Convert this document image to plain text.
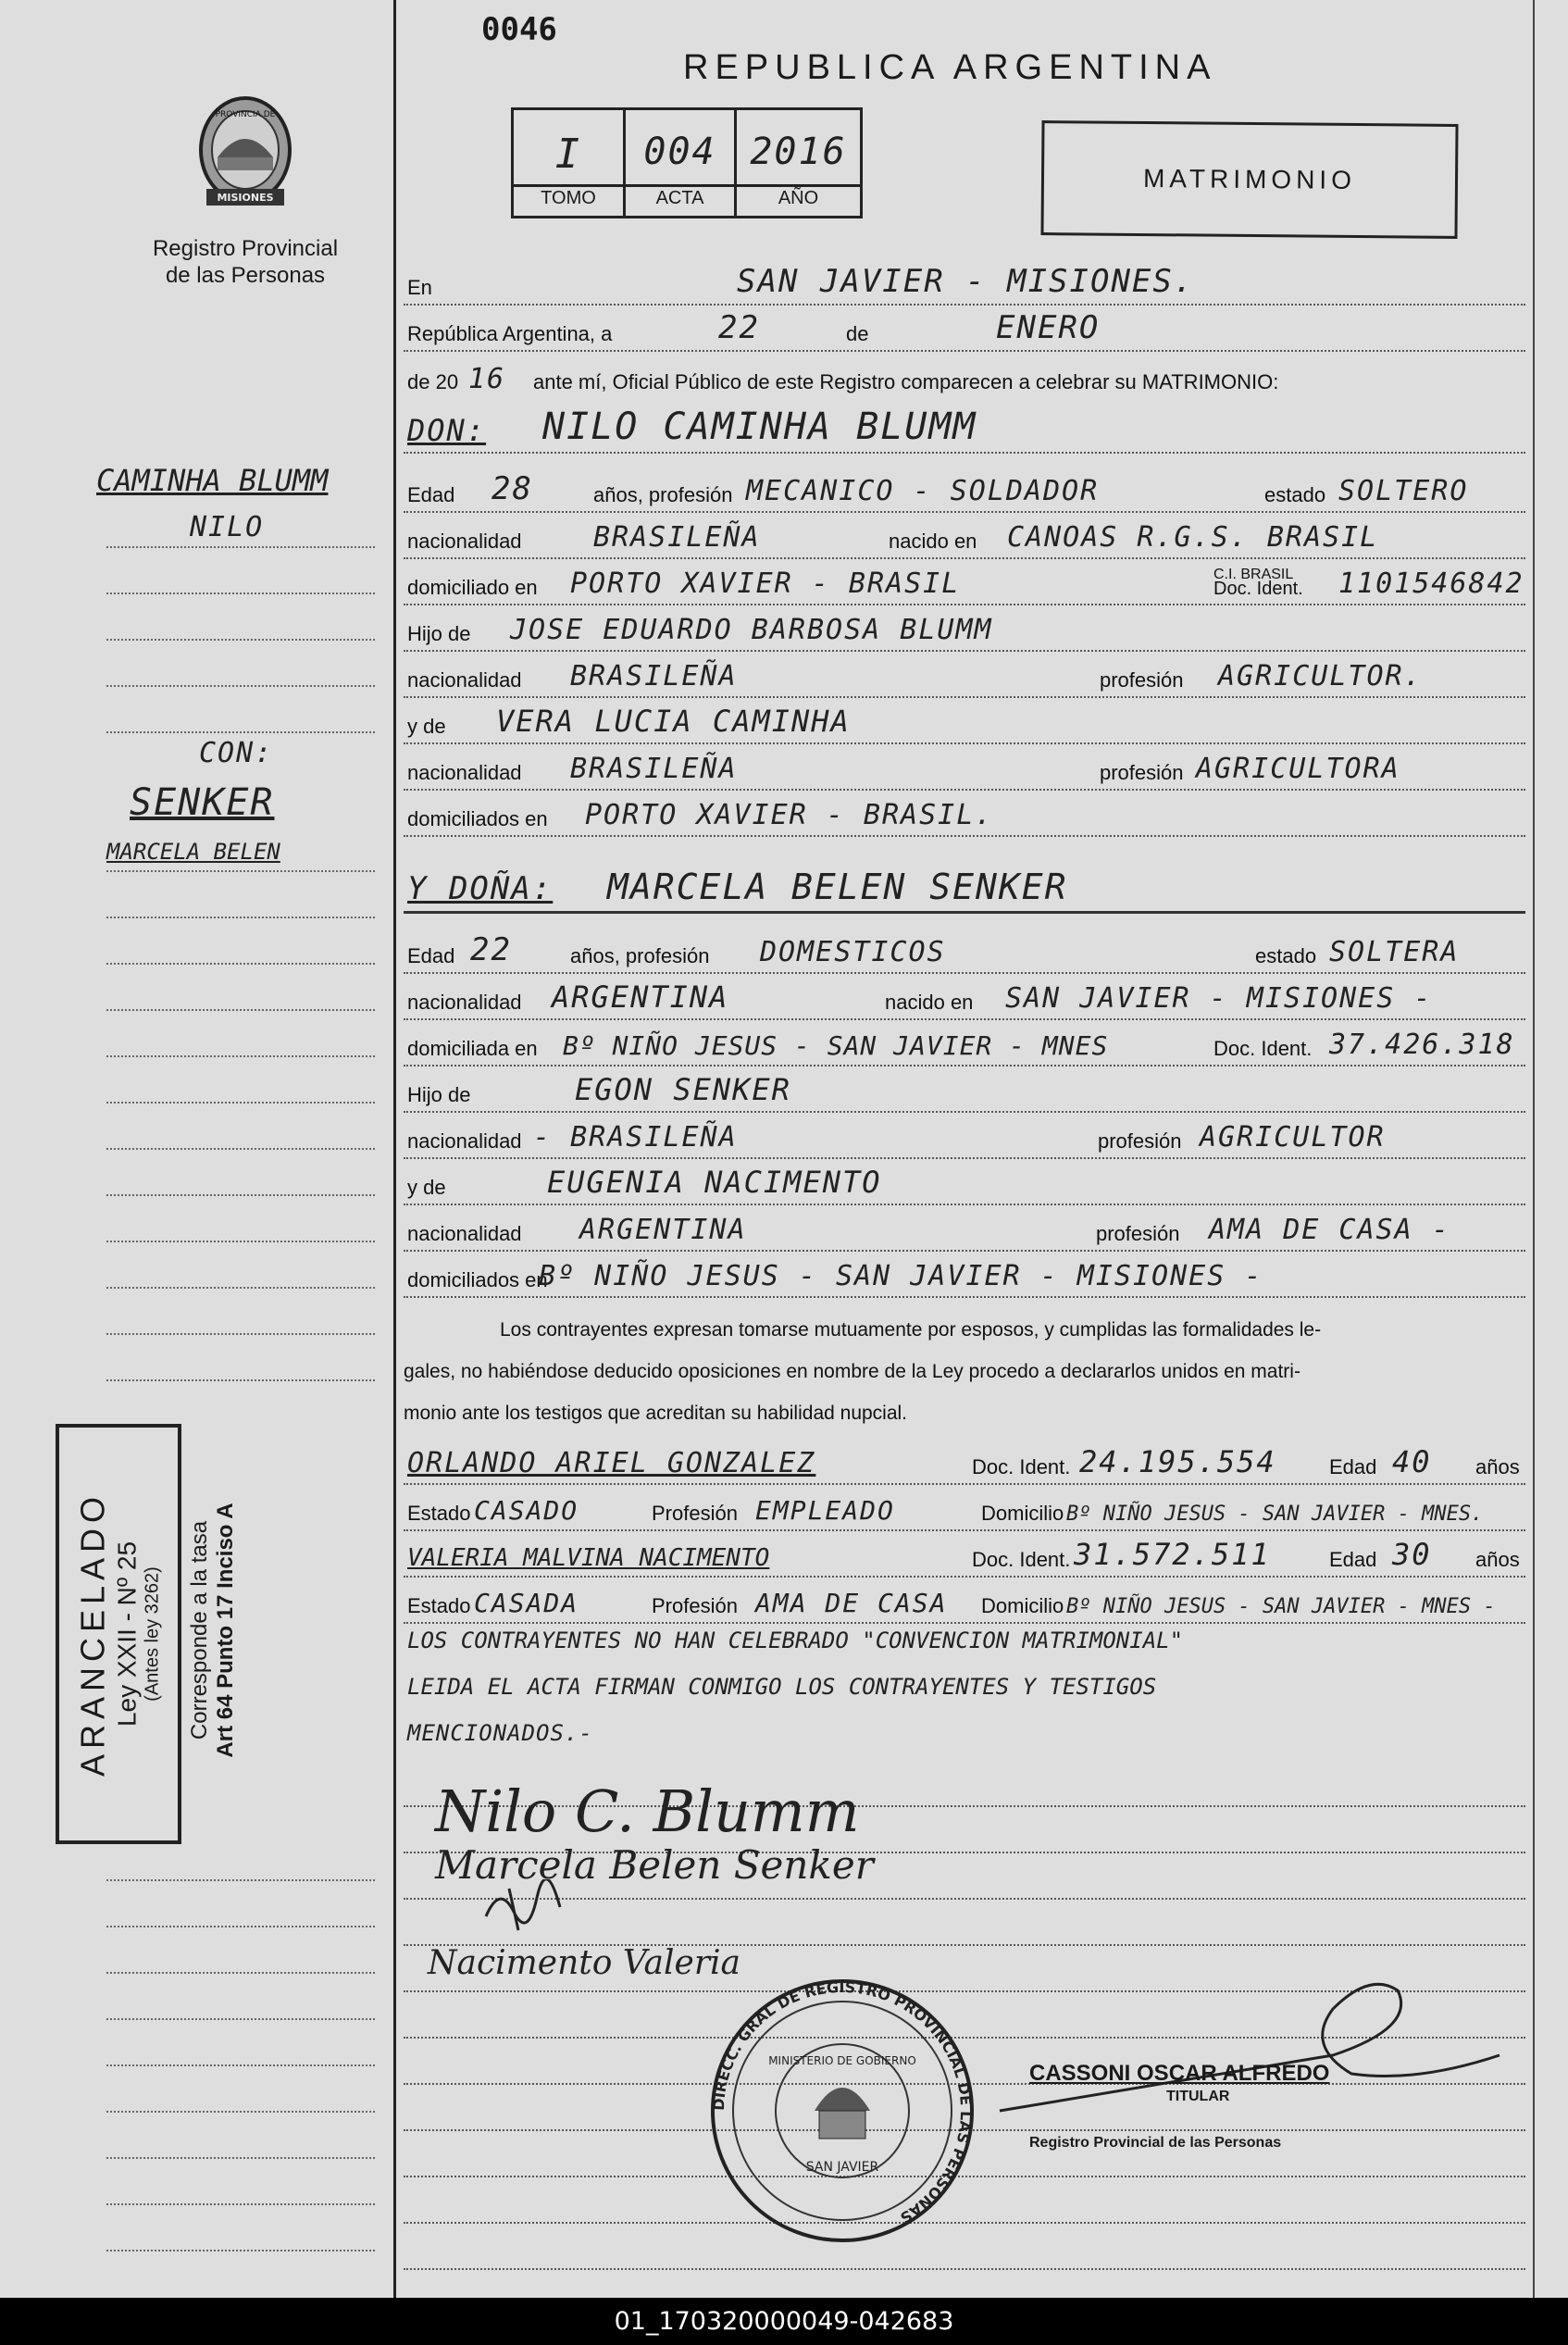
0046
REPUBLICA ARGENTINA
PROVINCIA DE
MISIONES
Registro Provincial
de las Personas
I	004 2016
TOMO	ACTA	AÑO
MATRIMONIO
En	SAN JAVIER - MISIONES.
República Argentina, a	22	de	ENERO
de 20 16 ante mí, Oficial Público de este Registro comparecen a celebrar su MATRIMONIO:
DON: NILO CAMINHA BLUMM
Edad 28	años, profesión MECANICO - SOLDADOR	estado SOLTERO
nacionalidad	BRASILEÑA	nacido en CANOAS R.G.S. BRASIL
domiciliado en PORTO XAVIER - BRASIL	C.I. BRASIL
Doc. Ident. 1101546842
Hijo de JOSE EDUARDO BARBOSA BLUMM
nacionalidad BRASILEÑA	profesión AGRICULTOR.
y de VERA LUCIA CAMINHA
nacionalidad BRASILEÑA	profesión AGRICULTORA
domiciliados en PORTO XAVIER - BRASIL.
Y DOÑA: MARCELA BELEN SENKER
Edad 22	años, profesión DOMESTICOS	estado SOLTERA
nacionalidad ARGENTINA	nacido en SAN JAVIER - MISIONES -
domiciliada en Bº NIÑO JESUS - SAN JAVIER - MNES	Doc. Ident. 37.426.318
Hijo de	EGON SENKER
nacionalidad - BRASILEÑA	profesión AGRICULTOR
y de	EUGENIA NACIMENTO
nacionalidad ARGENTINA	profesión AMA DE CASA -
domiciliados en
Bº NIÑO JESUS - SAN JAVIER - MISIONES -
Los contrayentes expresan tomarse mutuamente por esposos, y cumplidas las formalidades le-
gales, no habiéndose deducido oposiciones en nombre de la Ley procedo a declararlos unidos en matri-
monio ante los testigos que acreditan su habilidad nupcial.
ORLANDO ARIEL GONZALEZ	Doc. Ident. 24.195.554	Edad 40 años
Estado CASADO	Profesión EMPLEADO	Domicilio Bº NIÑO JESUS - SAN JAVIER - MNES.
VALERIA MALVINA NACIMENTO	Doc. Ident. 31.572.511	Edad 30 años
Estado CASADA	Profesión AMA DE CASA Domicilio Bº NIÑO JESUS - SAN JAVIER - MNES -
LOS CONTRAYENTES NO HAN CELEBRADO "CONVENCION MATRIMONIAL"
LEIDA EL ACTA FIRMAN CONMIGO LOS CONTRAYENTES Y TESTIGOS
MENCIONADOS.-
Nilo C. Blumm
Marcela Belen Senker
Nacimento Valeria
DIRECC. GRAL DE REGISTRO PROVINCIAL DE LAS PERSONAS
MINISTERIO DE GOBIERNO
SAN JAVIER
CASSONI OSCAR ALFREDO
TITULAR
Registro Provincial de las Personas
CAMINHA BLUMM
NILO
CON:
SENKER
MARCELA BELEN
ARANCELADO Ley XXII - Nº 25 (Antes ley 3262) Corresponde a la tasa Art 64 Punto 17 Inciso A
01_170320000049-042683
